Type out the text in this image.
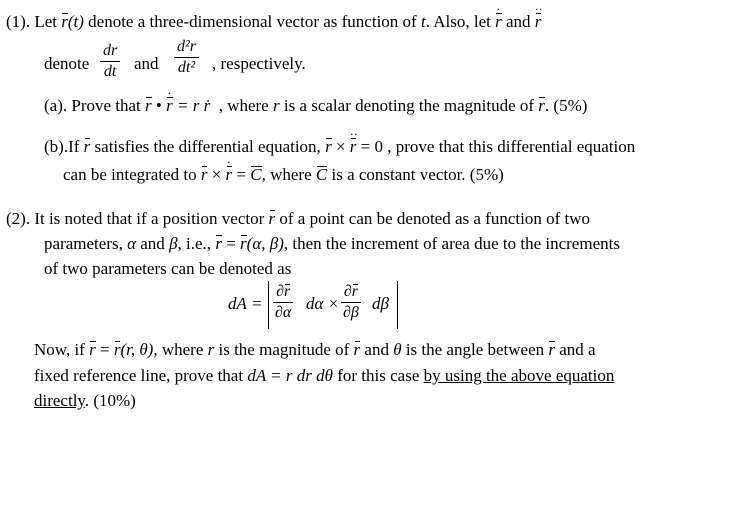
(1). Let r
(t) denote a three-dimensional vector as function of t. Also, let r
·
and r
··
denote $\frac{dr}{dt}$ and $\frac{\text{d²r}}{\text{dt²}}$ , respectively.
(a). Prove that r • r
·
= r ṙ , where r is a scalar denoting the magnitude of r
. (5%)
(b).If r satisfies the differential equation, r × r
··
= 0 , prove that this differential equation
can be integrated to r × r
·
= C
, where C is a constant vector. (5%)
(2). It is noted that if a position vector r of a point can be denoted as a function of two
parameters, α and β, i.e., r
= r
(α, β), then the increment of area due to the increments
of two parameters can be denoted as
dA = $\frac{\partial r}{\partial\alpha}$ $d\alpha \times \frac{\partial r}{\partial\beta}$ dβ
Now, if r
= r
(r, θ), where r is the magnitude of r and θ is the angle between r and a
fixed reference line, prove that dA = r dr dθ for this case by using the above equation
directly. (10%)
